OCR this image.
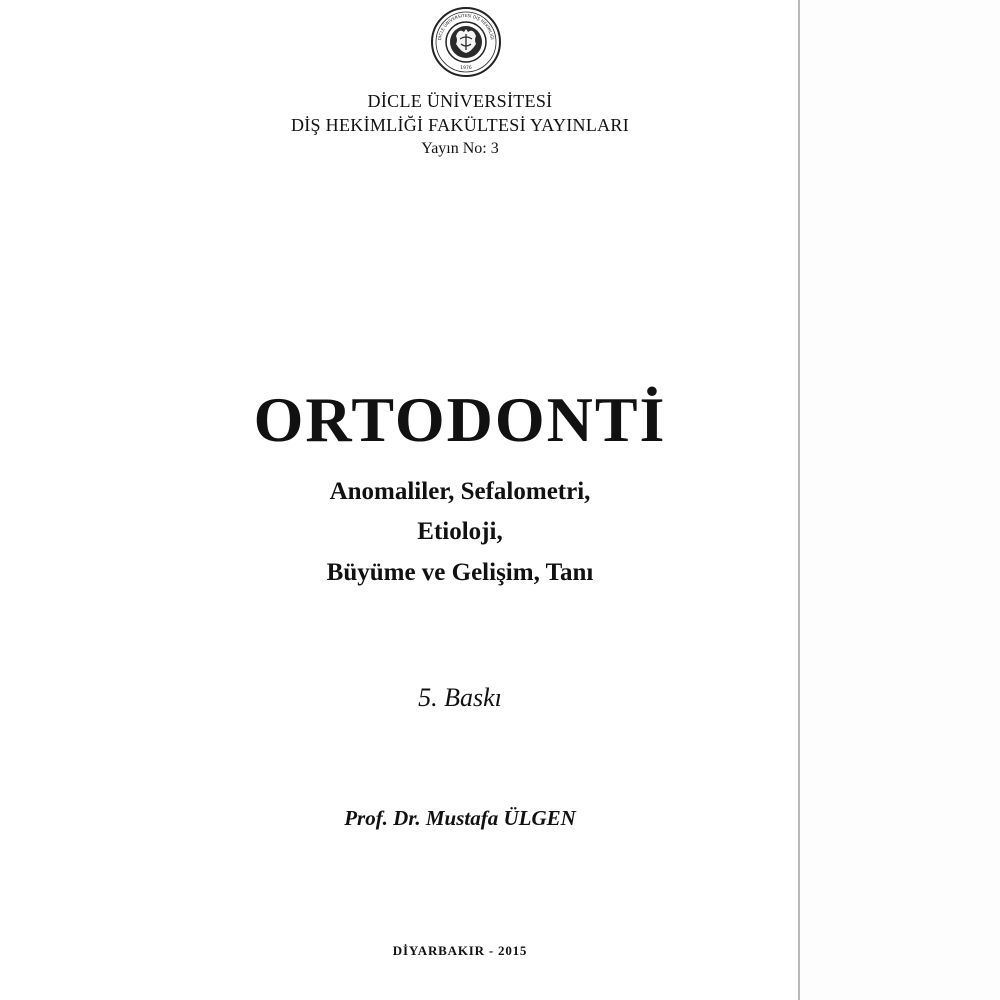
DİCLE ÜNİVERSİTESİ DİŞ HEKİMLİĞİ
1976
DİCLE ÜNİVERSİTESİ
DİŞ HEKİMLİĞİ FAKÜLTESİ YAYINLARI
Yayın No: 3
ORTODONTİ
Anomaliler, Sefalometri,
Etioloji,
Büyüme ve Gelişim, Tanı
5. Baskı
Prof. Dr. Mustafa ÜLGEN
DİYARBAKIR - 2015
